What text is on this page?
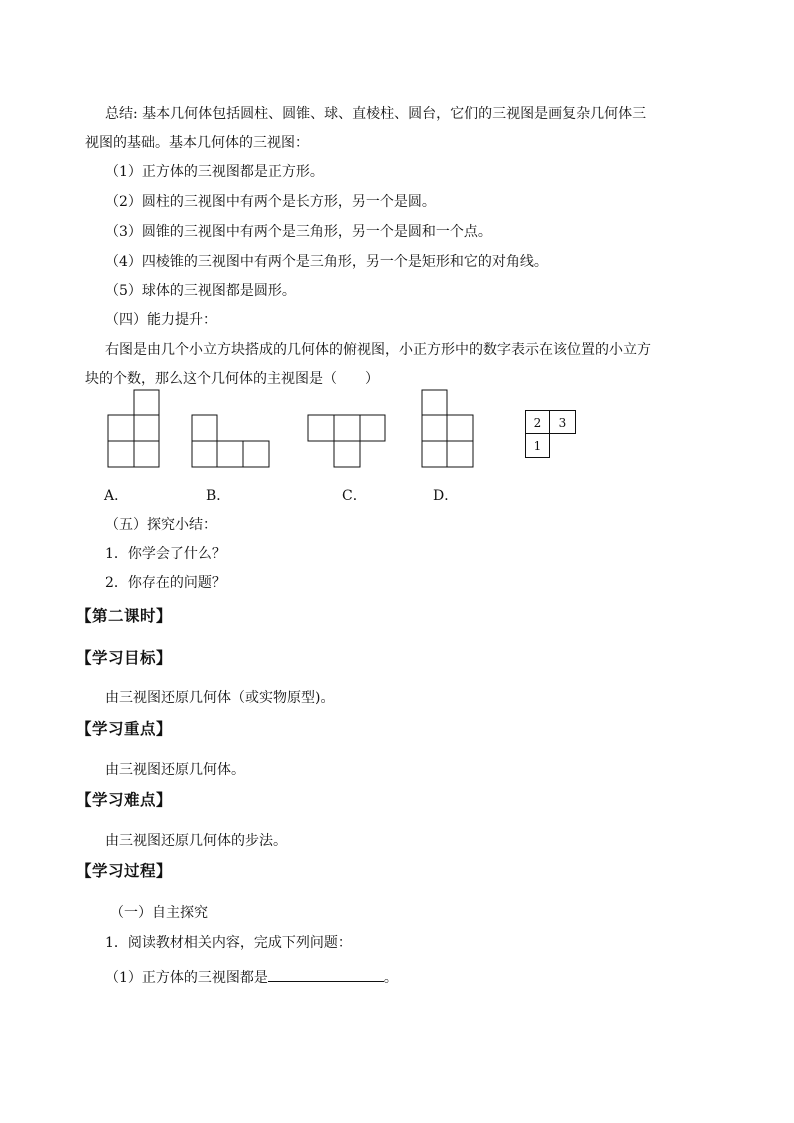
总结: 基本几何体包括圆柱、圆锥、球、直棱柱、圆台，它们的三视图是画复杂几何体三
视图的基础。基本几何体的三视图：
（1）正方体的三视图都是正方形。
（2）圆柱的三视图中有两个是长方形，另一个是圆。
（3）圆锥的三视图中有两个是三角形，另一个是圆和一个点。
（4）四棱锥的三视图中有两个是三角形，另一个是矩形和它的对角线。
（5）球体的三视图都是圆形。
（四）能力提升：
右图是由几个小立方块搭成的几何体的俯视图，小正方形中的数字表示在该位置的小立方
块的个数，那么这个几何体的主视图是（　　）
2	3
1
A．	B．	C．	D．
（五）探究小结：
1．你学会了什么？
2．你存在的问题？
【第二课时】
【学习目标】
由三视图还原几何体（或实物原型)。
【学习重点】
由三视图还原几何体。
【学习难点】
由三视图还原几何体的步法。
【学习过程】
（一）自主探究
1．阅读教材相关内容，完成下列问题：
（1）正方体的三视图都是	。
